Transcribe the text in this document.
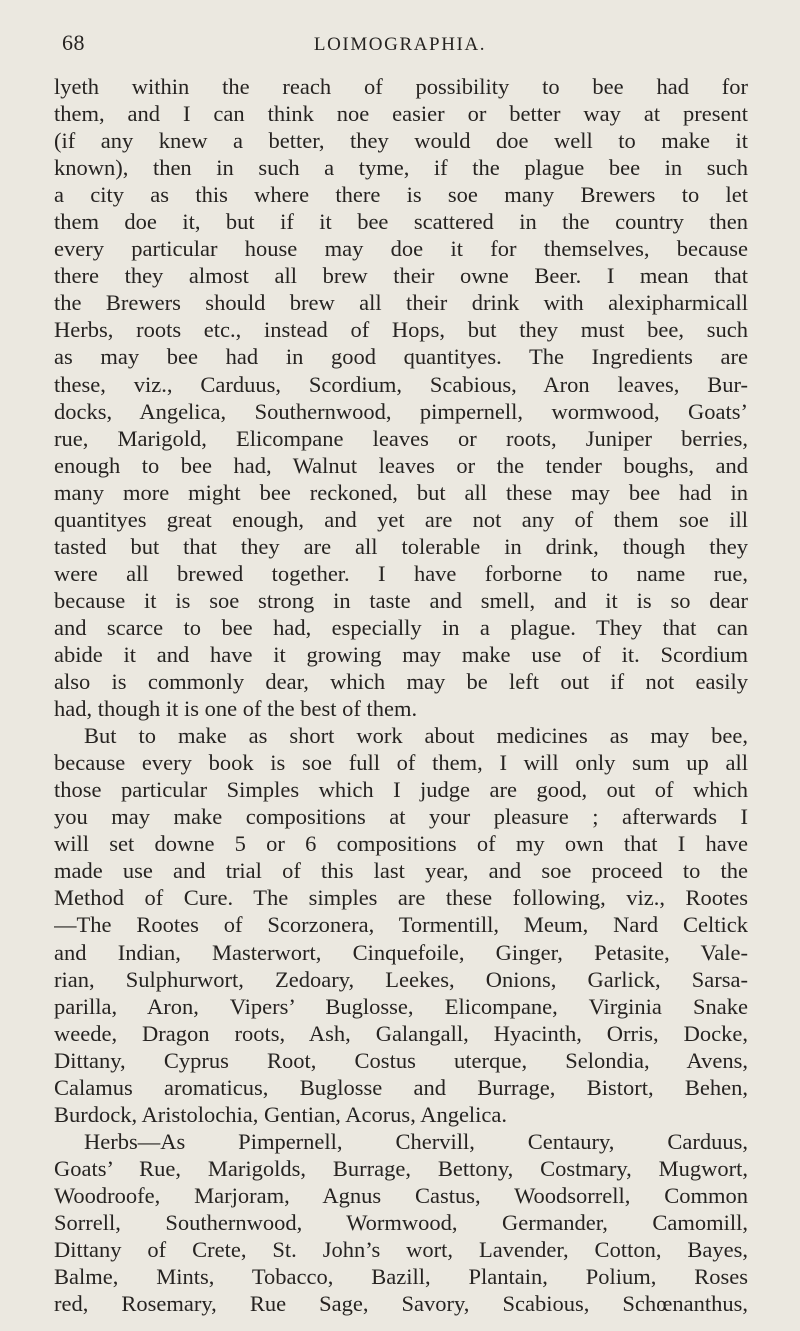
68	LOIMOGRAPHIA.
lyeth within the reach of possibility to bee had for
them, and I can think noe easier or better way at present
(if any knew a better, they would doe well to make it
known), then in such a tyme, if the plague bee in such
a city as this where there is soe many Brewers to let
them doe it, but if it bee scattered in the country then
every particular house may doe it for themselves, because
there they almost all brew their owne Beer. I mean that
the Brewers should brew all their drink with alexipharmicall
Herbs, roots etc., instead of Hops, but they must bee, such
as may bee had in good quantityes. The Ingredients are
these, viz., Carduus, Scordium, Scabious, Aron leaves, Bur-
docks, Angelica, Southernwood, pimpernell, wormwood, Goats’
rue, Marigold, Elicompane leaves or roots, Juniper berries,
enough to bee had, Walnut leaves or the tender boughs, and
many more might bee reckoned, but all these may bee had in
quantityes great enough, and yet are not any of them soe ill
tasted but that they are all tolerable in drink, though they
were all brewed together. I have forborne to name rue,
because it is soe strong in taste and smell, and it is so dear
and scarce to bee had, especially in a plague. They that can
abide it and have it growing may make use of it. Scordium
also is commonly dear, which may be left out if not easily
had, though it is one of the best of them.
But to make as short work about medicines as may bee,
because every book is soe full of them, I will only sum up all
those particular Simples which I judge are good, out of which
you may make compositions at your pleasure ; afterwards I
will set downe 5 or 6 compositions of my own that I have
made use and trial of this last year, and soe proceed to the
Method of Cure. The simples are these following, viz., Rootes
—The Rootes of Scorzonera, Tormentill, Meum, Nard Celtick
and Indian, Masterwort, Cinquefoile, Ginger, Petasite, Vale-
rian, Sulphurwort, Zedoary, Leekes, Onions, Garlick, Sarsa-
parilla, Aron, Vipers’ Buglosse, Elicompane, Virginia Snake
weede, Dragon roots, Ash, Galangall, Hyacinth, Orris, Docke,
Dittany, Cyprus Root, Costus uterque, Selondia, Avens,
Calamus aromaticus, Buglosse and Burrage, Bistort, Behen,
Burdock, Aristolochia, Gentian, Acorus, Angelica.
Herbs—As Pimpernell, Chervill, Centaury, Carduus,
Goats’ Rue, Marigolds, Burrage, Bettony, Costmary, Mugwort,
Woodroofe, Marjoram, Agnus Castus, Woodsorrell, Common
Sorrell, Southernwood, Wormwood, Germander, Camomill,
Dittany of Crete, St. John’s wort, Lavender, Cotton, Bayes,
Balme, Mints, Tobacco, Bazill, Plantain, Polium, Roses
red, Rosemary, Rue Sage, Savory, Scabious, Schœnanthus,
